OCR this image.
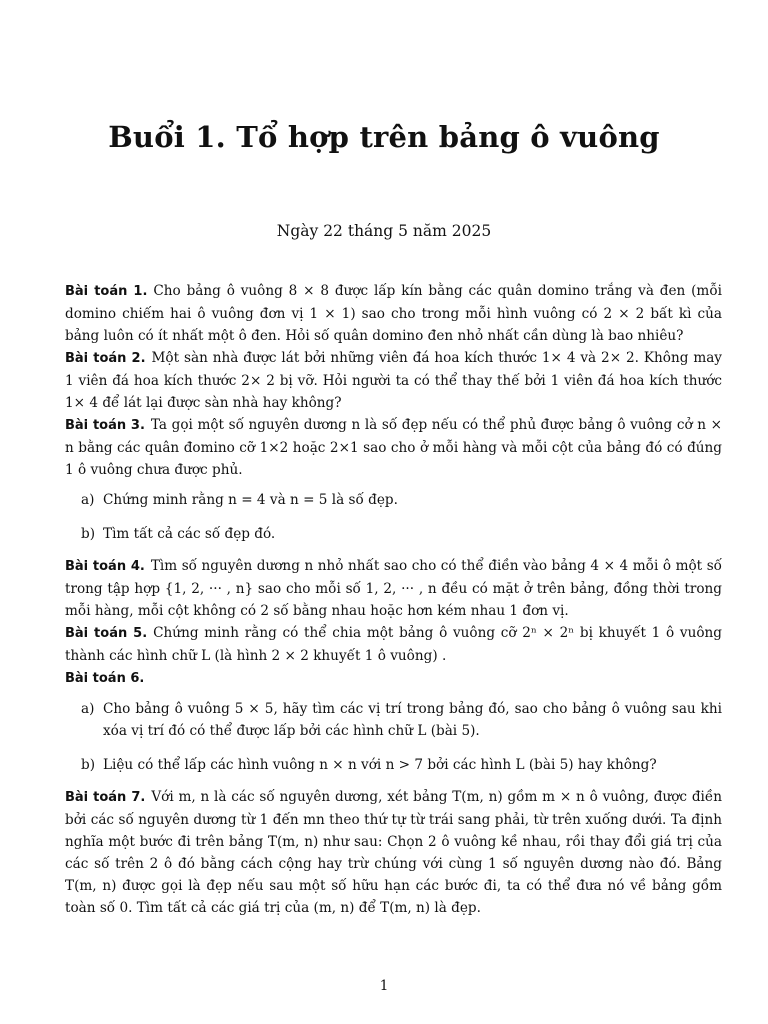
Buổi 1. Tổ hợp trên bảng ô vuông
Ngày 22 tháng 5 năm 2025

Bài toán 1. Cho bảng ô vuông 8 × 8 được lấp kín bằng các quân domino trắng và đen (mỗi domino chiếm hai ô vuông đơn vị 1 × 1) sao cho trong mỗi hình vuông có 2 × 2 bất kì của bảng luôn có ít nhất một ô đen. Hỏi số quân domino đen nhỏ nhất cần dùng là bao nhiêu?

Bài toán 2. Một sàn nhà được lát bởi những viên đá hoa kích thước 1× 4 và 2× 2. Không may 1 viên đá hoa kích thước 2× 2 bị vỡ. Hỏi người ta có thể thay thế bởi 1 viên đá hoa kích thước 1× 4 để lát lại được sàn nhà hay không?

Bài toán 3. Ta gọi một số nguyên dương n là số đẹp nếu có thể phủ được bảng ô vuông cở n × n bằng các quân đomino cỡ 1×2 hoặc 2×1 sao cho ở mỗi hàng và mỗi cột của bảng đó có đúng 1 ô vuông chưa được phủ.

a) Chứng minh rằng n = 4 và n = 5 là số đẹp.
b) Tìm tất cả các số đẹp đó.

Bài toán 4. Tìm số nguyên dương n nhỏ nhất sao cho có thể điền vào bảng 4 × 4 mỗi ô một số trong tập hợp {1, 2, ··· , n} sao cho mỗi số 1, 2, ··· , n đều có mặt ở trên bảng, đồng thời trong mỗi hàng, mỗi cột không có 2 số bằng nhau hoặc hơn kém nhau 1 đơn vị.

Bài toán 5. Chứng minh rằng có thể chia một bảng ô vuông cỡ 2ⁿ × 2ⁿ bị khuyết 1 ô vuông thành các hình chữ L (là hình 2 × 2 khuyết 1 ô vuông) .

Bài toán 6.

a) Cho bảng ô vuông 5 × 5, hãy tìm các vị trí trong bảng đó, sao cho bảng ô vuông sau khi xóa vị trí đó có thể được lấp bởi các hình chữ L (bài 5).
b) Liệu có thể lấp các hình vuông n × n với n > 7 bởi các hình L (bài 5) hay không?

Bài toán 7. Với m, n là các số nguyên dương, xét bảng T(m, n) gồm m × n ô vuông, được điền bởi các số nguyên dương từ 1 đến mn theo thứ tự từ trái sang phải, từ trên xuống dưới. Ta định nghĩa một bước đi trên bảng T(m, n) như sau: Chọn 2 ô vuông kề nhau, rồi thay đổi giá trị của các số trên 2 ô đó bằng cách cộng hay trừ chúng với cùng 1 số nguyên dương nào đó. Bảng T(m, n) được gọi là đẹp nếu sau một số hữu hạn các bước đi, ta có thể đưa nó về bảng gồm toàn số 0. Tìm tất cả các giá trị của (m, n) để T(m, n) là đẹp.

1
